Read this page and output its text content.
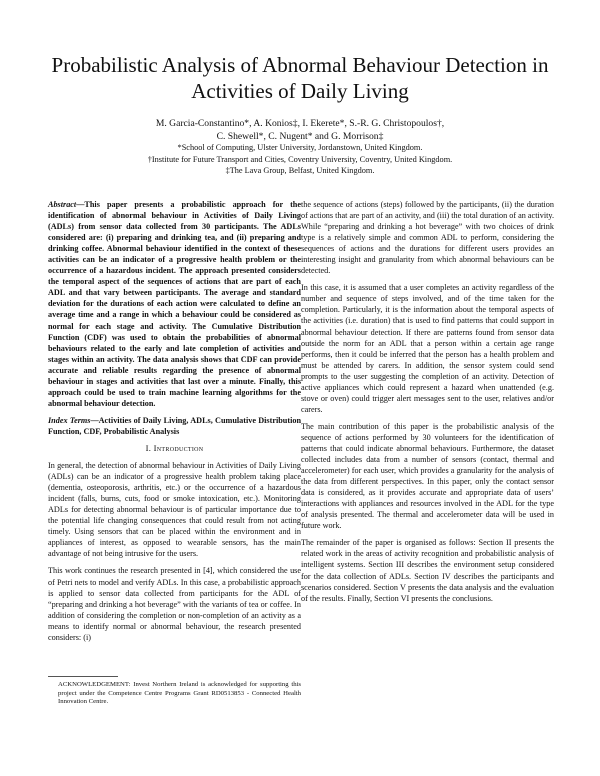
Probabilistic Analysis of Abnormal Behaviour Detection in Activities of Daily Living
M. Garcia-Constantino*, A. Konios‡, I. Ekerete*, S.-R. G. Christopoulos†,
C. Shewell*, C. Nugent* and G. Morrison‡
*School of Computing, Ulster University, Jordanstown, United Kingdom.
†Institute for Future Transport and Cities, Coventry University, Coventry, United Kingdom.
‡The Lava Group, Belfast, United Kingdom.

Abstract—This paper presents a probabilistic approach for the identification of abnormal behaviour in Activities of Daily Living (ADLs) from sensor data collected from 30 participants. The ADLs considered are: (i) preparing and drinking tea, and (ii) preparing and drinking coffee. Abnormal behaviour identified in the context of these activities can be an indicator of a progressive health problem or the occurrence of a hazardous incident. The approach presented considers the temporal aspect of the sequences of actions that are part of each ADL and that vary between participants. The average and standard deviation for the durations of each action were calculated to define an average time and a range in which a behaviour could be considered as normal for each stage and activity. The Cumulative Distribution Function (CDF) was used to obtain the probabilities of abnormal behaviours related to the early and late completion of activities and stages within an activity. The data analysis shows that CDF can provide accurate and reliable results regarding the presence of abnormal behaviour in stages and activities that last over a minute. Finally, this approach could be used to train machine learning algorithms for the abnormal behaviour detection.

Index Terms—Activities of Daily Living, ADLs, Cumulative Distribution Function, CDF, Probabilistic Analysis

I. Introduction

In general, the detection of abnormal behaviour in Activities of Daily Living (ADLs) can be an indicator of a progressive health problem taking place (dementia, osteoporosis, arthritis, etc.) or the occurrence of a hazardous incident (falls, burns, cuts, food or smoke intoxication, etc.). Monitoring ADLs for detecting abnormal behaviour is of particular importance due to the potential life changing consequences that could result from not acting timely. Using sensors that can be placed within the environment and in appliances of interest, as opposed to wearable sensors, has the main advantage of not being intrusive for the users.

This work continues the research presented in [4], which considered the use of Petri nets to model and verify ADLs. In this case, a probabilistic approach is applied to sensor data collected from participants for the ADL of “preparing and drinking a hot beverage” with the variants of tea or coffee. In addition of considering the completion or non-completion of an activity as a means to identify normal or abnormal behaviour, the research presented considers: (i)

ACKNOWLEDGEMENT: Invest Northern Ireland is acknowledged for supporting this project under the Competence Centre Programs Grant RD0513853 - Connected Health Innovation Centre.

the sequence of actions (steps) followed by the participants, (ii) the duration of actions that are part of an activity, and (iii) the total duration of an activity. While “preparing and drinking a hot beverage” with two choices of drink type is a relatively simple and common ADL to perform, considering the sequences of actions and the durations for different users provides an interesting insight and granularity from which abnormal behaviours can be detected.

In this case, it is assumed that a user completes an activity regardless of the number and sequence of steps involved, and of the time taken for the completion. Particularly, it is the information about the temporal aspects of the activities (i.e. duration) that is used to find patterns that could support in abnormal behaviour detection. If there are patterns found from sensor data outside the norm for an ADL that a person within a certain age range performs, then it could be inferred that the person has a health problem and must be attended by carers. In addition, the sensor system could send prompts to the user suggesting the completion of an activity. Detection of active appliances which could represent a hazard when unattended (e.g. stove or oven) could trigger alert messages sent to the user, relatives and/or carers.

The main contribution of this paper is the probabilistic analysis of the sequence of actions performed by 30 volunteers for the identification of patterns that could indicate abnormal behaviours. Furthermore, the dataset collected includes data from a number of sensors (contact, thermal and accelerometer) for each user, which provides a granularity for the analysis of the data from different perspectives. In this paper, only the contact sensor data is considered, as it provides accurate and appropriate data of users’ interactions with appliances and resources involved in the ADL for the type of analysis presented. The thermal and accelerometer data will be used in future work.

The remainder of the paper is organised as follows: Section II presents the related work in the areas of activity recognition and probabilistic analysis of intelligent systems. Section III describes the environment setup considered for the data collection of ADLs. Section IV describes the participants and scenarios considered. Section V presents the data analysis and the evaluation of the results. Finally, Section VI presents the conclusions.
